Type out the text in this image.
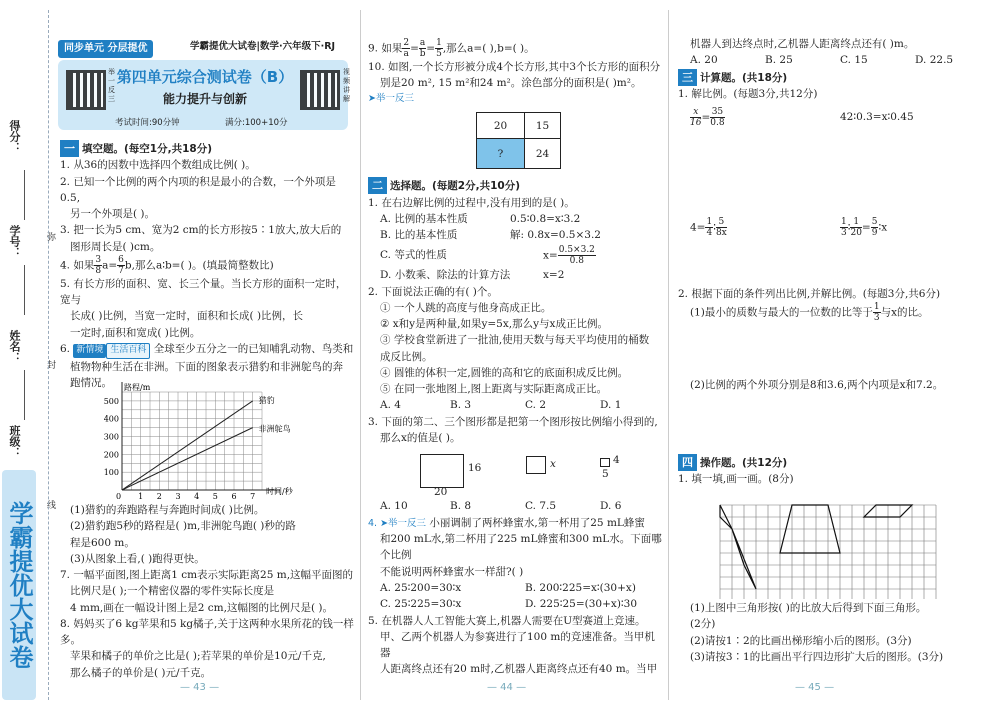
得分：
学号：
姓名：
班级：
弥
封
线
学霸提优大试卷
同步单元 分层提优	学霸提优大试卷|数学·六年级下·RJ
举一反三
视频讲解
第四单元综合测试卷（B）
能力提升与创新
考试时间:90分钟	满分:100+10分
一 填空题。(每空1分,共18分)
1. 从36的因数中选择四个数组成比例( )。
2. 已知一个比例的两个内项的积是最小的合数，一个外项是0.5,
另一个外项是( )。
3. 把一长为5 cm、宽为2 cm的长方形按5∶1放大,放大后的
图形周长是( )cm。
4. 如果 $\frac{3}{8} a= \frac{6}{7} b$,那么a∶b=( )。(填最简整数比)
5. 有长方形的面积、宽、长三个量。当长方形的面积一定时，宽与
长成( )比例，当宽一定时，面积和长成( )比例，长
一定时,面积和宽成( )比例。
6. 新情境 生活百科 全球至少五分之一的已知哺乳动物、鸟类和
植物物种生活在非洲。下面的图象表示猎豹和非洲鸵鸟的奔
跑情况。
1 2 3 4 5 6 7
100
200
300
400
500
0
路程/m
时间/秒
猎豹
非洲鸵鸟
(1)猎豹的奔跑路程与奔跑时间成( )比例。
(2)猎豹跑5秒的路程是( )m,非洲鸵鸟跑( )秒的路
程是600 m。
(3)从图象上看,( )跑得更快。
7. 一幅平面图,图上距离1 cm表示实际距离25 m,这幅平面图的
比例尺是( );一个精密仪器的零件实际长度是
4 mm,画在一幅设计图上是2 cm,这幅图的比例尺是( )。
8. 妈妈买了6 kg苹果和5 kg橘子,关于这两种水果所花的钱一样多。
苹果和橘子的单价之比是( );若苹果的单价是10元/千克,
那么橘子的单价是( )元/千克。
9. 如果 $\frac{2}{a} = \frac{a}{b} = \frac{1}{5}$ ,那么a=( ),b=( )。
10. 如图,一个长方形被分成4个长方形,其中3个长方形的面积分
别是20 m², 15 m²和24 m²。涂色部分的面积是( )m²。
➤举一反三
20	15
?	24
二 选择题。(每题2分,共10分)
1. 在右边解比例的过程中,没有用到的是( )。
A. 比例的基本性质	0.5∶0.8=x∶3.2
B. 比的基本性质	解: 0.8x=0.5×3.2
C. 等式的性质	$x= \frac{0.5\times 3.2}{0.8}$
D. 小数乘、除法的计算方法	x=2
2. 下面说法正确的有( )个。
① 一个人跳的高度与他身高成正比。
② x和y是两种量,如果y=5x,那么y与x成正比例。
③ 学校食堂新进了一批油,使用天数与每天平均使用的桶数
成反比例。
④ 圆锥的体积一定,圆锥的高和它的底面积成反比例。
⑤ 在同一张地图上,图上距离与实际距离成正比。
A. 4	B. 3	C. 2	D. 1
3. 下面的第二、三个图形都是把第一个图形按比例缩小得到的,
那么x的值是( )。
16
20
x	4
5
A. 10	B. 8	C. 7.5	D. 6
4. ➤举一反三 小丽调制了两杯蜂蜜水,第一杯用了25 mL蜂蜜
和200 mL水,第二杯用了225 mL蜂蜜和300 mL水。下面哪个比例
不能说明两杯蜂蜜水一样甜?( )
A. 25∶200=30∶x	B. 200∶225=x∶(30+x)
C. 25∶225=30∶x	D. 225∶25=(30+x)∶30
5. 在机器人人工智能大赛上,机器人需要在U型赛道上竞速。
甲、乙两个机器人为参赛进行了100 m的竞速准备。当甲机器
人距离终点还有20 m时,乙机器人距离终点还有40 m。当甲
机器人到达终点时,乙机器人距离终点还有( )m。
A. 20	B. 25	C. 15	D. 22.5
三 计算题。(共18分)
1. 解比例。(每题3分,共12分)
$\frac{x}{16} = \frac{35}{0.8}$	42∶0.3=x∶0.45
$4= \frac{1}{4}$ ∶ $\frac{5}{8x}$	$\frac{1}{3}$ ∶ $\frac{1}{20} = \frac{5}{9}$ ∶x
2. 根据下面的条件列出比例,并解比例。(每题3分,共6分)
(1)最小的质数与最大的一位数的比等于 $\frac{1}{3}$ 与x的比。
(2)比例的两个外项分别是8和3.6,两个内项是x和7.2。
四 操作题。(共12分)
1. 填一填,画一画。(8分)
(1)上图中三角形按( )的比放大后得到下面三角形。
(2分)
(2)请按1∶2的比画出梯形缩小后的图形。(3分)
(3)请按3∶1的比画出平行四边形扩大后的图形。(3分)
— 43 —	— 44 —	— 45 —
